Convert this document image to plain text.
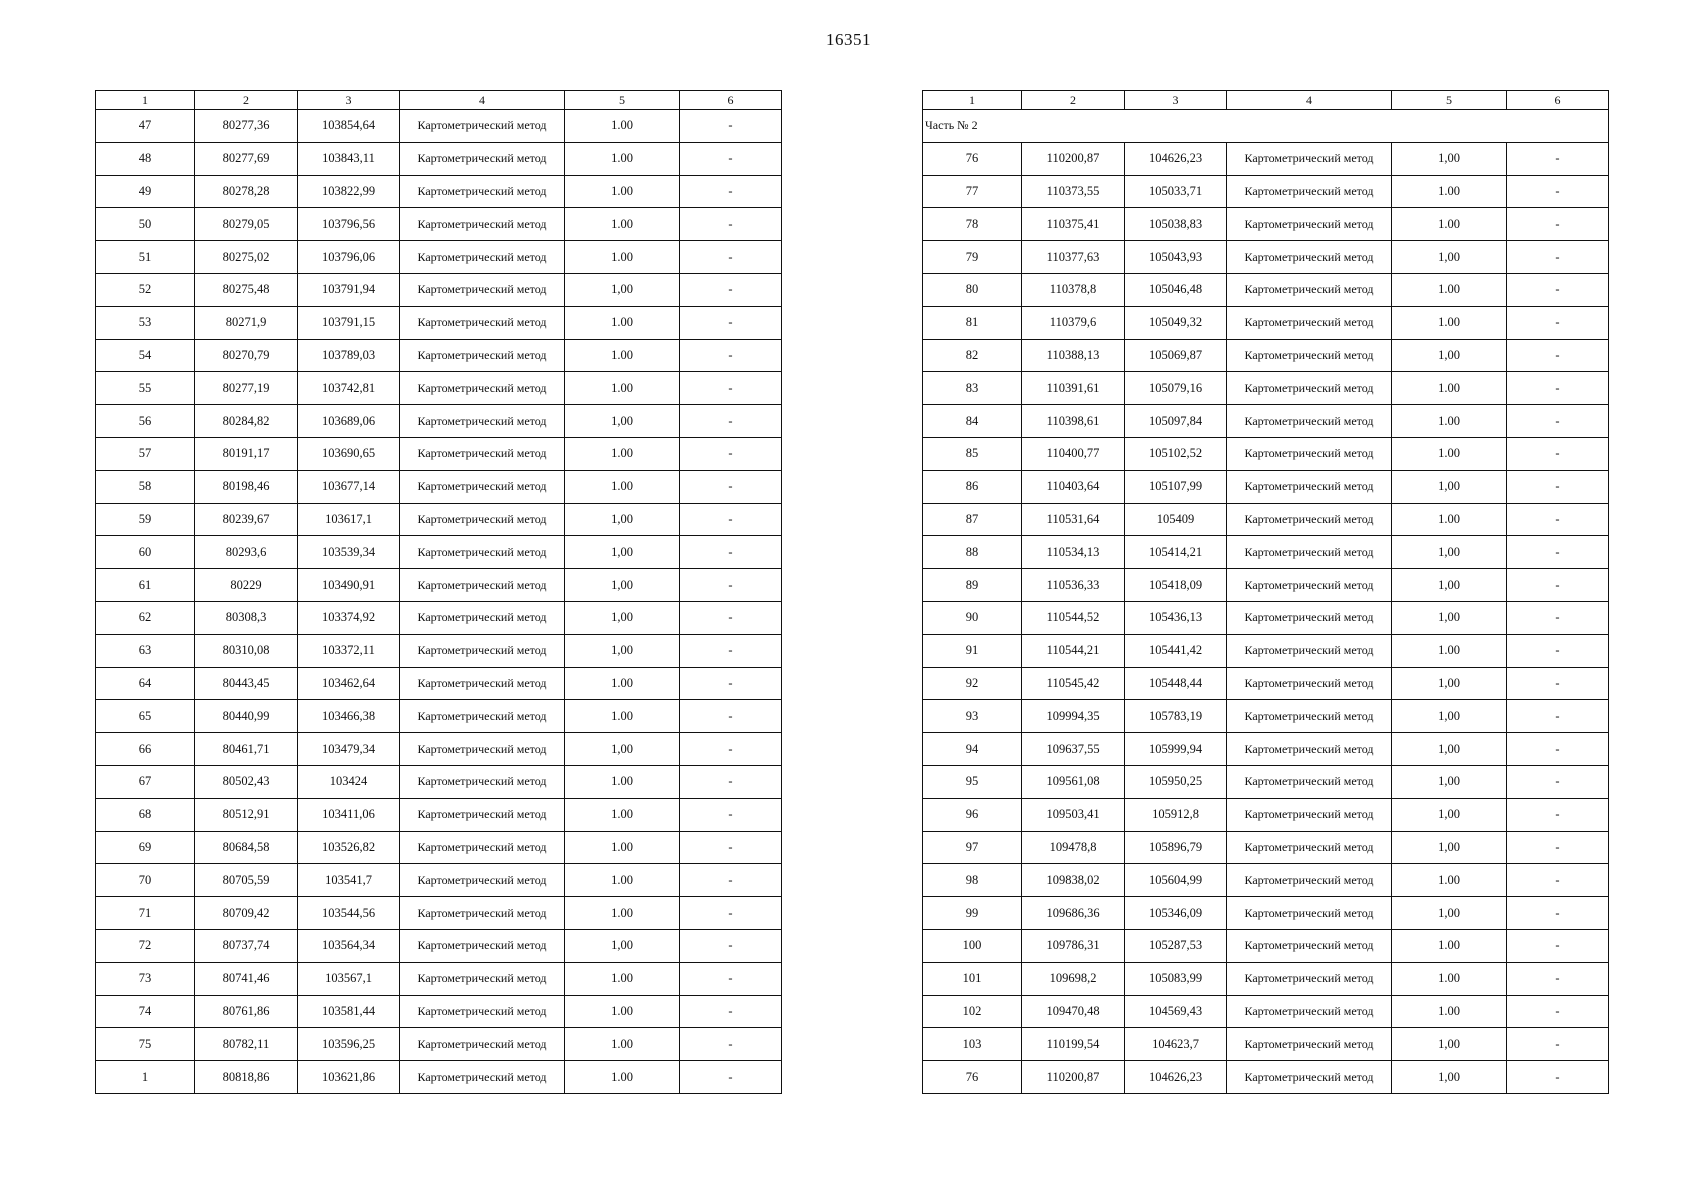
16351
1	2	3	4	5	6
47	80277,36	103854,64	Картометрический метод	1.00	-
48	80277,69	103843,11	Картометрический метод	1.00	-
49	80278,28	103822,99	Картометрический метод	1.00	-
50	80279,05	103796,56	Картометрический метод	1.00	-
51	80275,02	103796,06	Картометрический метод	1.00	-
52	80275,48	103791,94	Картометрический метод	1,00	-
53	80271,9	103791,15	Картометрический метод	1.00	-
54	80270,79	103789,03	Картометрический метод	1.00	-
55	80277,19	103742,81	Картометрический метод	1.00	-
56	80284,82	103689,06	Картометрический метод	1,00	-
57	80191,17	103690,65	Картометрический метод	1.00	-
58	80198,46	103677,14	Картометрический метод	1.00	-
59	80239,67	103617,1	Картометрический метод	1,00	-
60	80293,6	103539,34	Картометрический метод	1,00	-
61	80229	103490,91	Картометрический метод	1,00	-
62	80308,3	103374,92	Картометрический метод	1,00	-
63	80310,08	103372,11	Картометрический метод	1,00	-
64	80443,45	103462,64	Картометрический метод	1.00	-
65	80440,99	103466,38	Картометрический метод	1.00	-
66	80461,71	103479,34	Картометрический метод	1,00	-
67	80502,43	103424	Картометрический метод	1.00	-
68	80512,91	103411,06	Картометрический метод	1.00	-
69	80684,58	103526,82	Картометрический метод	1.00	-
70	80705,59	103541,7	Картометрический метод	1.00	-
71	80709,42	103544,56	Картометрический метод	1.00	-
72	80737,74	103564,34	Картометрический метод	1,00	-
73	80741,46	103567,1	Картометрический метод	1.00	-
74	80761,86	103581,44	Картометрический метод	1.00	-
75	80782,11	103596,25	Картометрический метод	1.00	-
1	80818,86	103621,86	Картометрический метод	1.00	-
1	2	3	4	5	6
Часть № 2					
76	110200,87	104626,23	Картометрический метод	1,00	-
77	110373,55	105033,71	Картометрический метод	1.00	-
78	110375,41	105038,83	Картометрический метод	1.00	-
79	110377,63	105043,93	Картометрический метод	1,00	-
80	110378,8	105046,48	Картометрический метод	1.00	-
81	110379,6	105049,32	Картометрический метод	1.00	-
82	110388,13	105069,87	Картометрический метод	1,00	-
83	110391,61	105079,16	Картометрический метод	1.00	-
84	110398,61	105097,84	Картометрический метод	1.00	-
85	110400,77	105102,52	Картометрический метод	1.00	-
86	110403,64	105107,99	Картометрический метод	1,00	-
87	110531,64	105409	Картометрический метод	1.00	-
88	110534,13	105414,21	Картометрический метод	1,00	-
89	110536,33	105418,09	Картометрический метод	1,00	-
90	110544,52	105436,13	Картометрический метод	1,00	-
91	110544,21	105441,42	Картометрический метод	1.00	-
92	110545,42	105448,44	Картометрический метод	1,00	-
93	109994,35	105783,19	Картометрический метод	1,00	-
94	109637,55	105999,94	Картометрический метод	1,00	-
95	109561,08	105950,25	Картометрический метод	1,00	-
96	109503,41	105912,8	Картометрический метод	1,00	-
97	109478,8	105896,79	Картометрический метод	1,00	-
98	109838,02	105604,99	Картометрический метод	1.00	-
99	109686,36	105346,09	Картометрический метод	1,00	-
100	109786,31	105287,53	Картометрический метод	1.00	-
101	109698,2	105083,99	Картометрический метод	1.00	-
102	109470,48	104569,43	Картометрический метод	1.00	-
103	110199,54	104623,7	Картометрический метод	1,00	-
76	110200,87	104626,23	Картометрический метод	1,00	-
